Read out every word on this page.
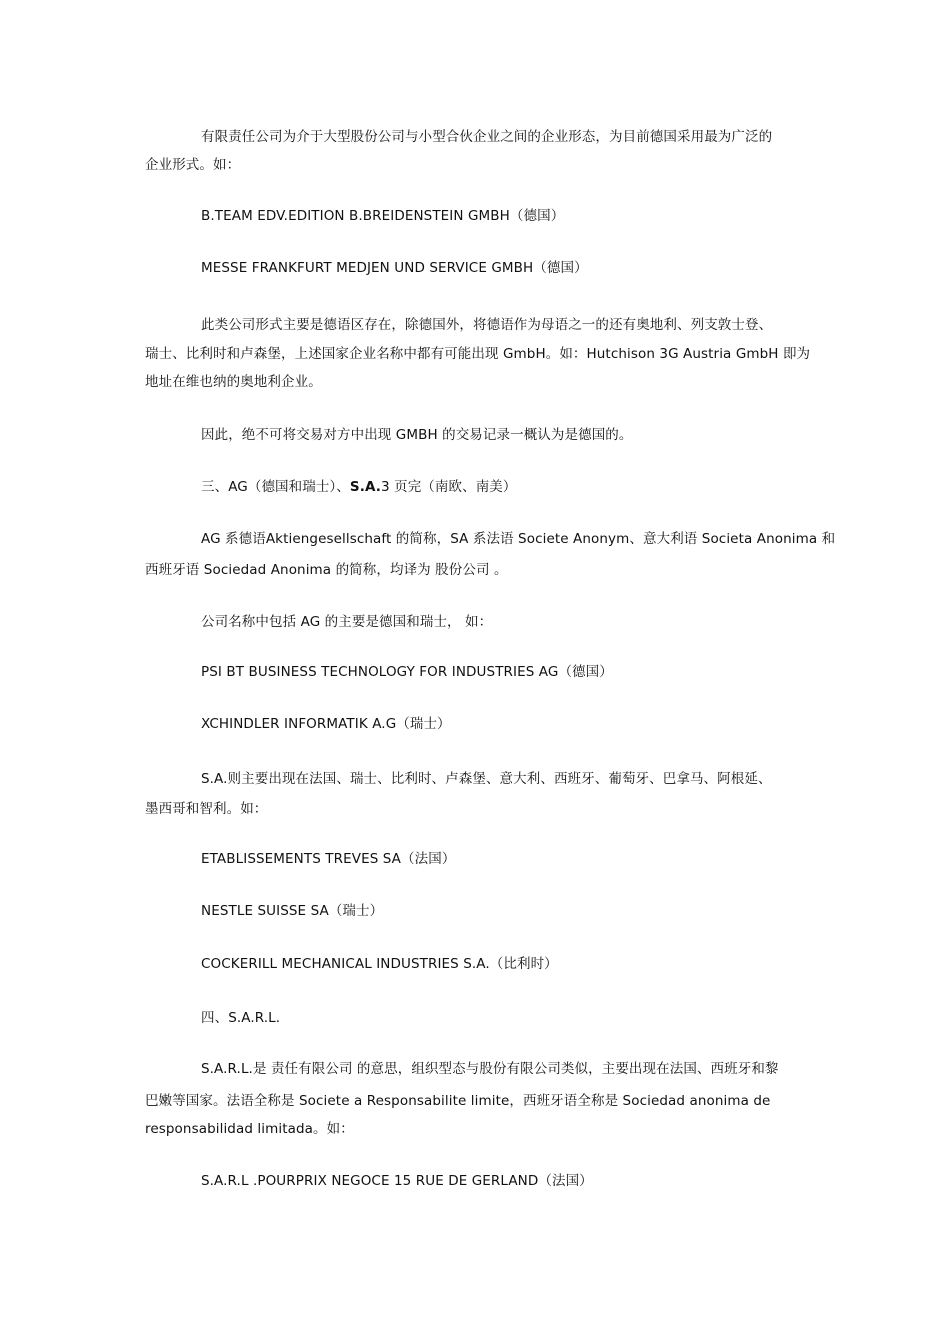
有限责任公司为介于大型股份公司与小型合伙企业之间的企业形态，为目前德国采用最为广泛的
企业形式。如：
B.TEAM EDV.EDITION B.BREIDENSTEIN GMBH（德国）
MESSE FRANKFURT MEDJEN UND SERVICE GMBH（德国）
此类公司形式主要是德语区存在，除德国外，将德语作为母语之一的还有奥地利、列支敦士登、
瑞士、比利时和卢森堡，上述国家企业名称中都有可能出现 GmbH。如：Hutchison 3G Austria GmbH 即为
地址在维也纳的奥地利企业。
因此，绝不可将交易对方中出现 GMBH 的交易记录一概认为是德国的。
三、AG（德国和瑞士）、S.A.3 页完（南欧、南美）
AG 系德语Aktiengesellschaft 的简称，SA 系法语 Societe Anonym、意大利语 Societa Anonima 和
西班牙语 Sociedad Anonima 的简称，均译为 股份公司 。
公司名称中包括 AG 的主要是德国和瑞士， 如：
PSI BT BUSINESS TECHNOLOGY FOR INDUSTRIES AG（德国）
XCHINDLER INFORMATIK A.G（瑞士）
S.A.则主要出现在法国、瑞士、比利时、卢森堡、意大利、西班牙、葡萄牙、巴拿马、阿根延、
墨西哥和智利。如：
ETABLISSEMENTS TREVES SA（法国）
NESTLE SUISSE SA（瑞士）
COCKERILL MECHANICAL INDUSTRIES S.A.（比利时）
四、S.A.R.L.
S.A.R.L.是 责任有限公司 的意思，组织型态与股份有限公司类似，主要出现在法国、西班牙和黎
巴嫩等国家。法语全称是 Societe a Responsabilite limite，西班牙语全称是 Sociedad anonima de
responsabilidad limitada。如：
S.A.R.L .POURPRIX NEGOCE 15 RUE DE GERLAND（法国）
